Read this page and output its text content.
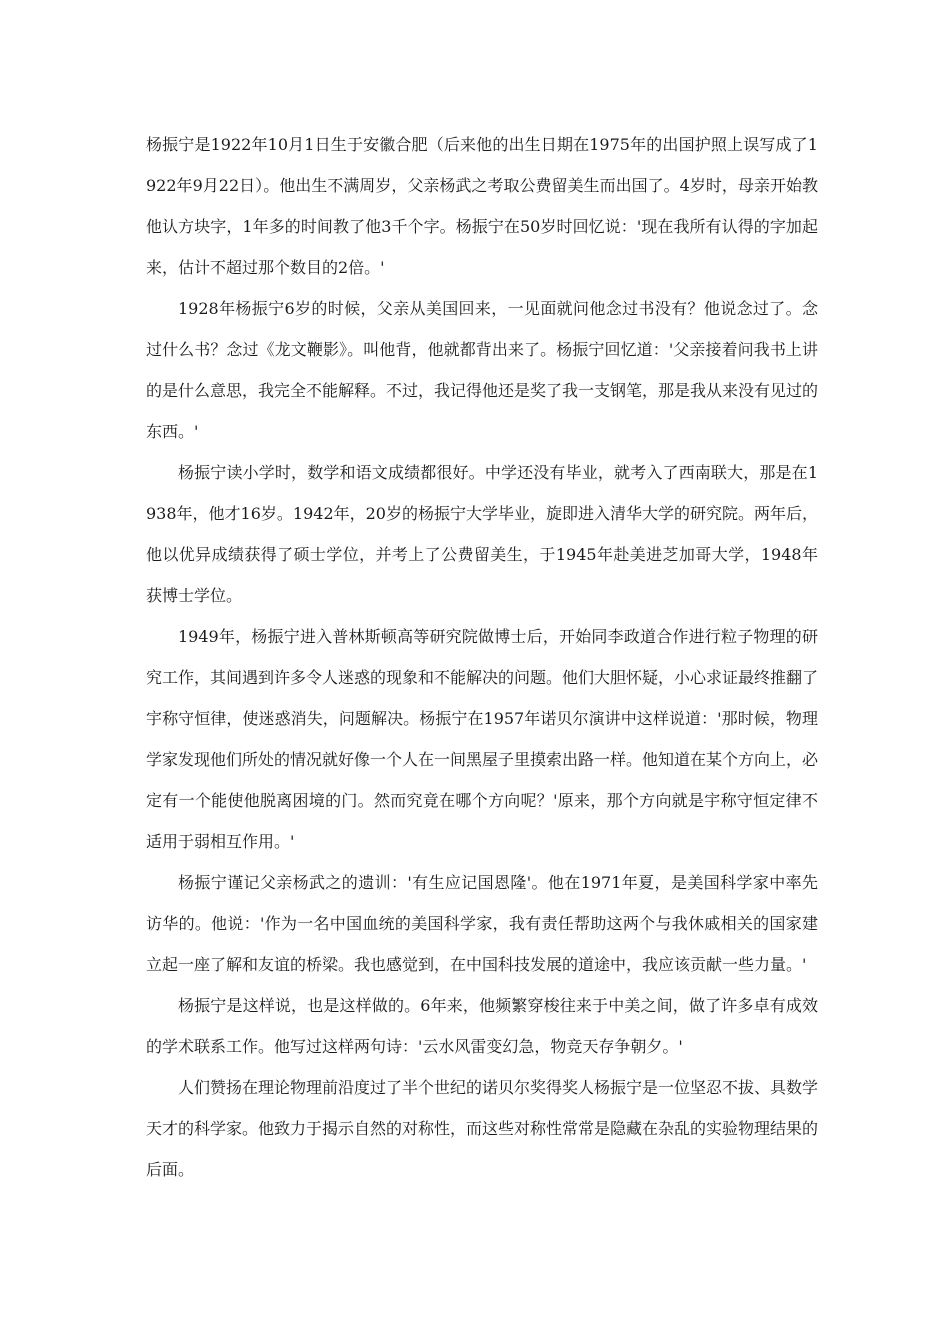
杨振宁是1922年10月1日生于安徽合肥（后来他的出生日期在1975年的出国护照上误写成了1922年9月22日）。他出生不满周岁，父亲杨武之考取公费留美生而出国了。4岁时，母亲开始教他认方块字，1年多的时间教了他3千个字。杨振宁在50岁时回忆说：'现在我所有认得的字加起来，估计不超过那个数目的2倍。'

1928年杨振宁6岁的时候，父亲从美国回来，一见面就问他念过书没有？他说念过了。念过什么书？念过《龙文鞭影》。叫他背，他就都背出来了。杨振宁回忆道：'父亲接着问我书上讲的是什么意思，我完全不能解释。不过，我记得他还是奖了我一支钢笔，那是我从来没有见过的东西。'

杨振宁读小学时，数学和语文成绩都很好。中学还没有毕业，就考入了西南联大，那是在1938年，他才16岁。1942年，20岁的杨振宁大学毕业，旋即进入清华大学的研究院。两年后，他以优异成绩获得了硕士学位，并考上了公费留美生，于1945年赴美进芝加哥大学，1948年获博士学位。

1949年，杨振宁进入普林斯顿高等研究院做博士后，开始同李政道合作进行粒子物理的研究工作，其间遇到许多令人迷惑的现象和不能解决的问题。他们大胆怀疑，小心求证最终推翻了宇称守恒律，使迷惑消失，问题解决。杨振宁在1957年诺贝尔演讲中这样说道：'那时候，物理学家发现他们所处的情况就好像一个人在一间黑屋子里摸索出路一样。他知道在某个方向上，必定有一个能使他脱离困境的门。然而究竟在哪个方向呢？'原来，那个方向就是宇称守恒定律不适用于弱相互作用。'

杨振宁谨记父亲杨武之的遗训：'有生应记国恩隆'。他在1971年夏，是美国科学家中率先访华的。他说：'作为一名中国血统的美国科学家，我有责任帮助这两个与我休戚相关的国家建立起一座了解和友谊的桥梁。我也感觉到，在中国科技发展的道途中，我应该贡献一些力量。'

杨振宁是这样说，也是这样做的。6年来，他频繁穿梭往来于中美之间，做了许多卓有成效的学术联系工作。他写过这样两句诗：'云水风雷变幻急，物竞天存争朝夕。'

人们赞扬在理论物理前沿度过了半个世纪的诺贝尔奖得奖人杨振宁是一位坚忍不拔、具数学天才的科学家。他致力于揭示自然的对称性，而这些对称性常常是隐藏在杂乱的实验物理结果的后面。
